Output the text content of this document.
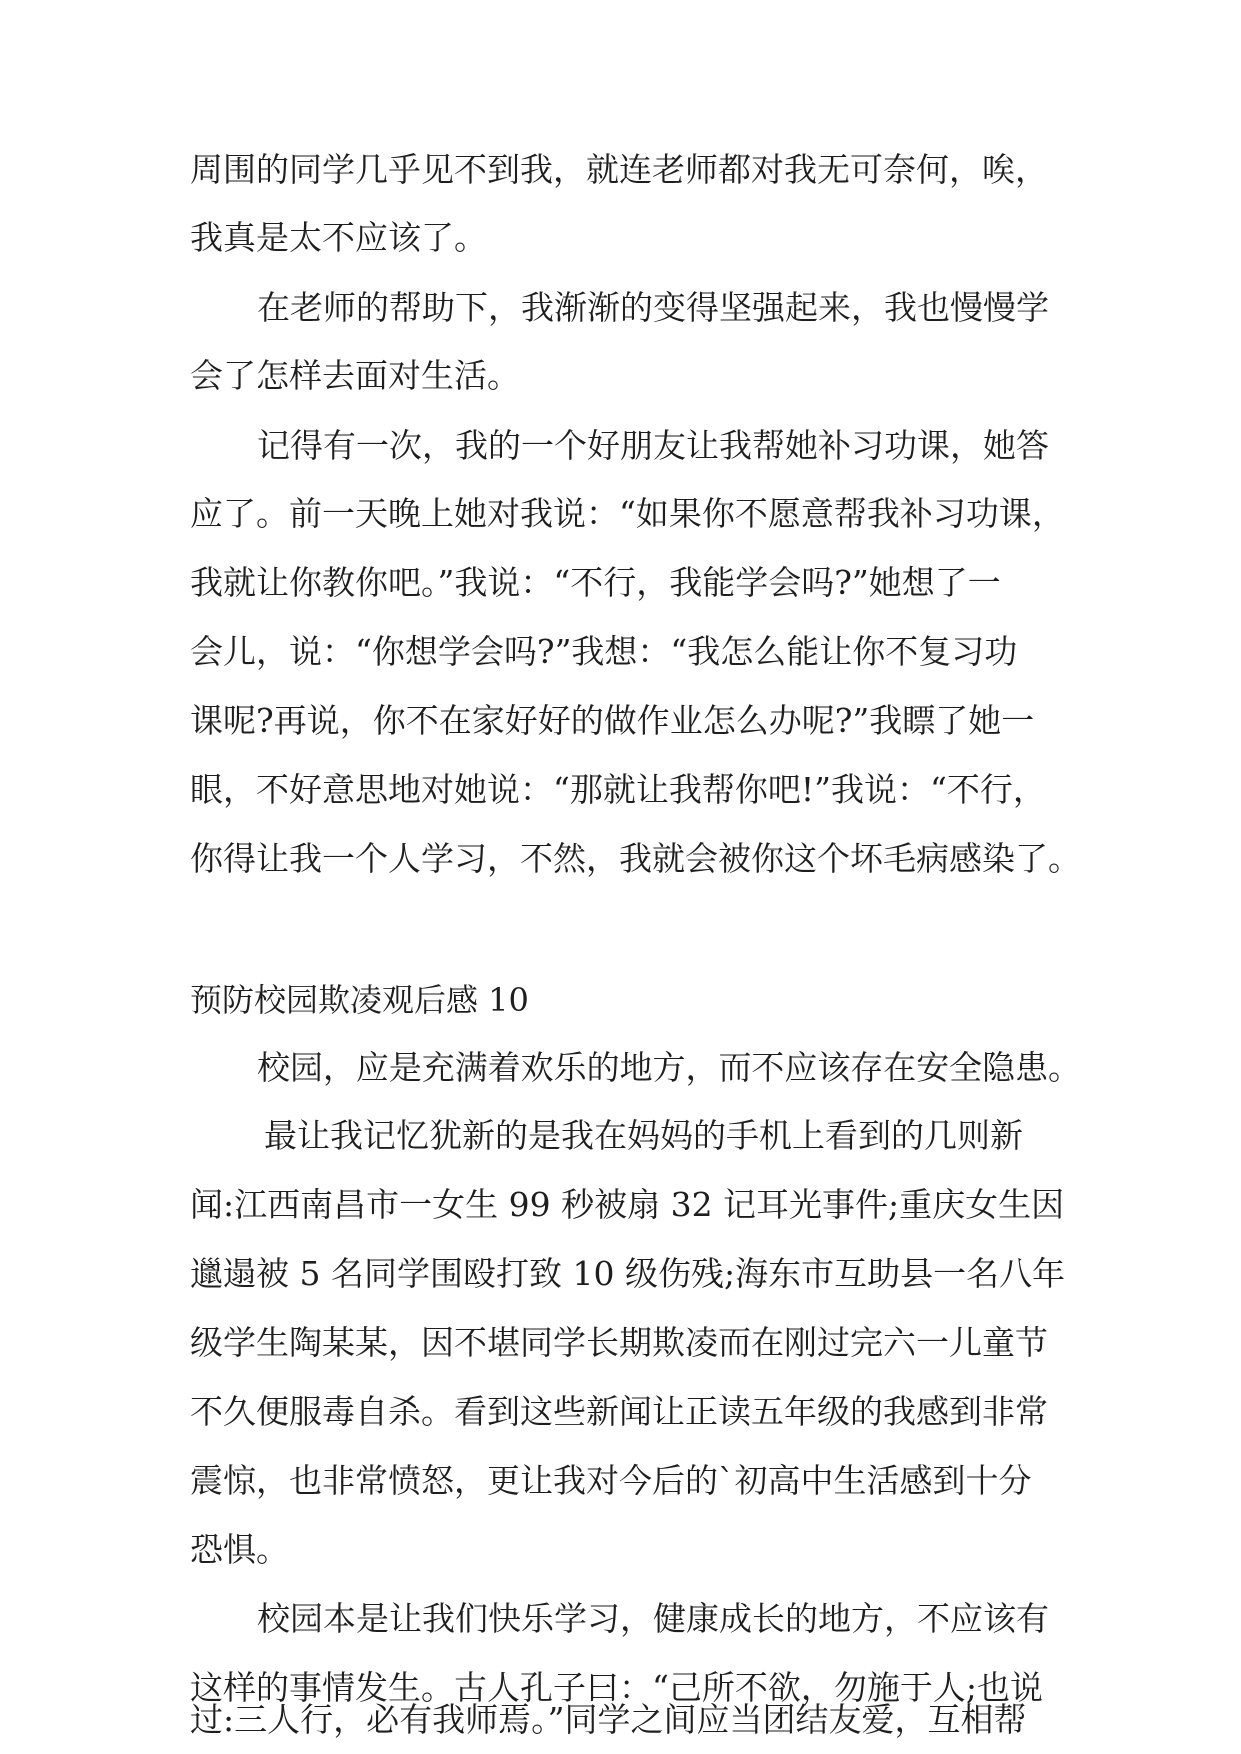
周围的同学几乎见不到我，就连老师都对我无可奈何，唉，
我真是太不应该了。
在老师的帮助下，我渐渐的变得坚强起来，我也慢慢学
会了怎样去面对生活。
记得有一次，我的一个好朋友让我帮她补习功课，她答
应了。前一天晚上她对我说：“如果你不愿意帮我补习功课，
我就让你教你吧。”我说：“不行，我能学会吗?”她想了一
会儿，说：“你想学会吗?”我想：“我怎么能让你不复习功
课呢?再说，你不在家好好的做作业怎么办呢?”我瞟了她一
眼，不好意思地对她说：“那就让我帮你吧!”我说：“不行，
你得让我一个人学习，不然，我就会被你这个坏毛病感染了。
预防校园欺凌观后感 10
校园，应是充满着欢乐的地方，而不应该存在安全隐患。
最让我记忆犹新的是我在妈妈的手机上看到的几则新
闻:江西南昌市一女生 99 秒被扇 32 记耳光事件;重庆女生因
邋遢被 5 名同学围殴打致 10 级伤残;海东市互助县一名八年
级学生陶某某，因不堪同学长期欺凌而在刚过完六一儿童节
不久便服毒自杀。看到这些新闻让正读五年级的我感到非常
震惊，也非常愤怒，更让我对今后的`初高中生活感到十分
恐惧。
校园本是让我们快乐学习，健康成长的地方，不应该有
这样的事情发生。古人孔子曰：“己所不欲，勿施于人;也说
过:三人行，必有我师焉。”同学之间应当团结友爱，互相帮
